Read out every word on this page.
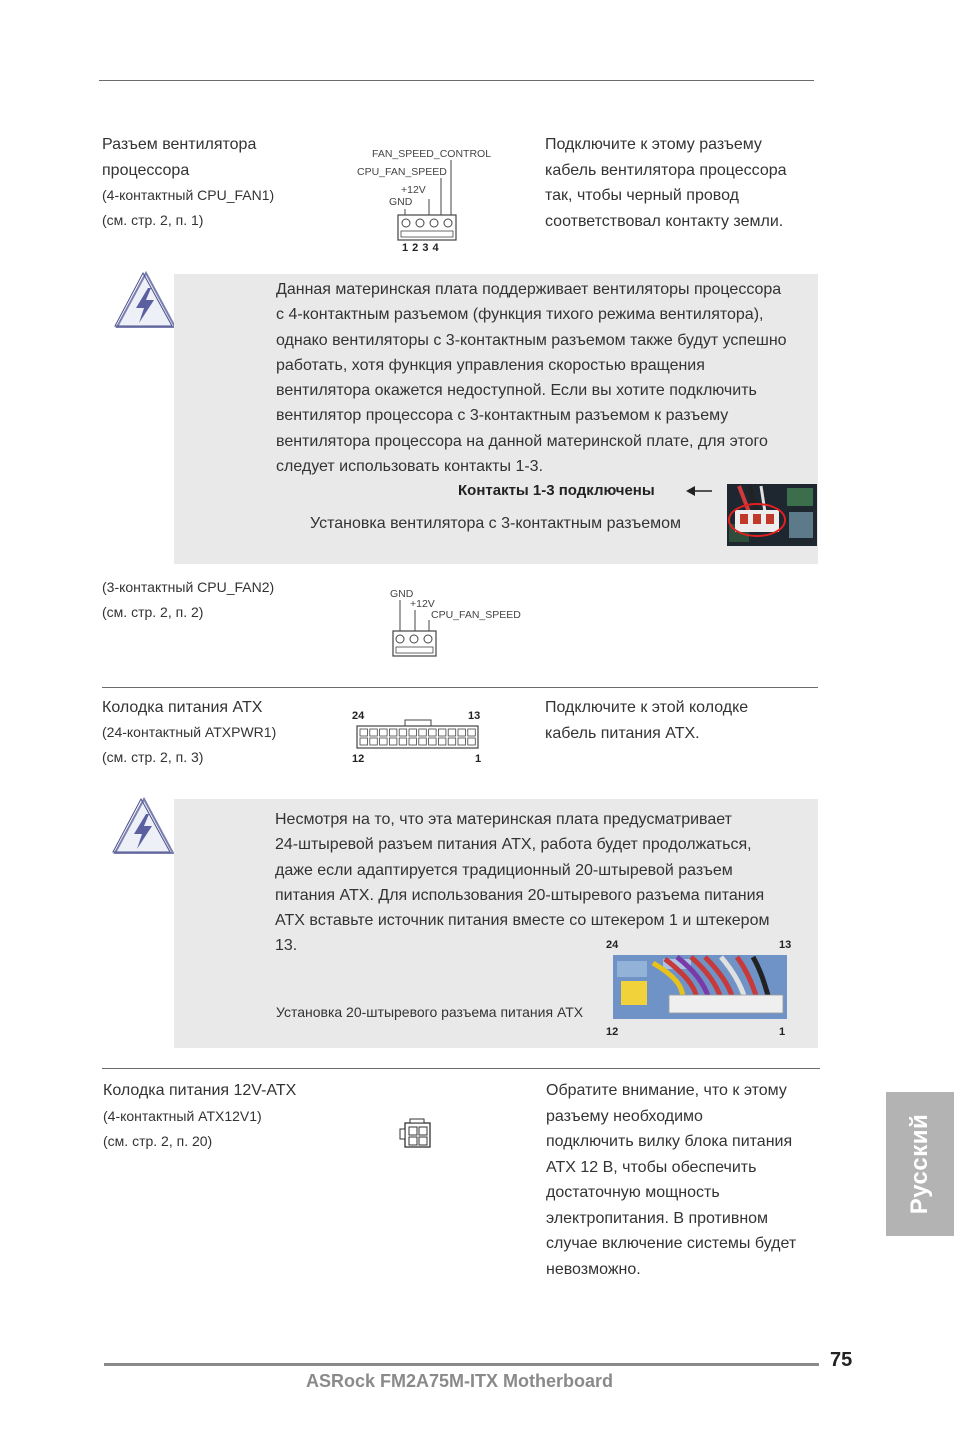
Разъем вентилятора
процессора
(4-контактный CPU_FAN1)
(см. стр. 2, п. 1)
FAN_SPEED_CONTROL
CPU_FAN_SPEED
+12V
GND
1 2 3 4
Подключите к этому разъему
кабель вентилятора процессора
так, чтобы черный провод
соответствовал контакту земли.
Данная материнская плата поддерживает вентиляторы процессора
с 4-контактным разъемом (функция тихого режима вентилятора),
однако вентиляторы с 3-контактным разъемом также будут успешно
работать, хотя функция управления скоростью вращения
вентилятора окажется недоступной. Если вы хотите подключить
вентилятор процессора с 3-контактным разъемом к разъему
вентилятора процессора на данной материнской плате, для этого
следует использовать контакты 1-3.
Контакты 1-3 подключены
Установка вентилятора с 3-контактным разъемом
(3-контактный CPU_FAN2)
(см. стр. 2, п. 2)
GND
+12V
CPU_FAN_SPEED
Колодка питания ATX
(24-контактный ATXPWR1)
(см. стр. 2, п. 3)
24	13
12	1
Подключите к этой колодке
кабель питания ATX.
Несмотря на то, что эта материнская плата предусматривает
24-штыревой разъем питания ATX, работа будет продолжаться,
даже если адаптируется традиционный 20-штыревой разъем
питания ATX. Для использования 20-штыревого разъема питания
ATX вставьте источник питания вместе со штекером 1 и штекером
13.
Установка 20-штыревого разъема питания ATX
24	13
12	1
Колодка питания 12V-ATX
(4-контактный ATX12V1)
(см. стр. 2, п. 20)
Обратите внимание, что к этому
разъему необходимо
подключить вилку блока питания
ATX 12 В, чтобы обеспечить
достаточную мощность
электропитания. В противном
случае включение системы будет
невозможно.
Русский
75
ASRock FM2A75M-ITX Motherboard
